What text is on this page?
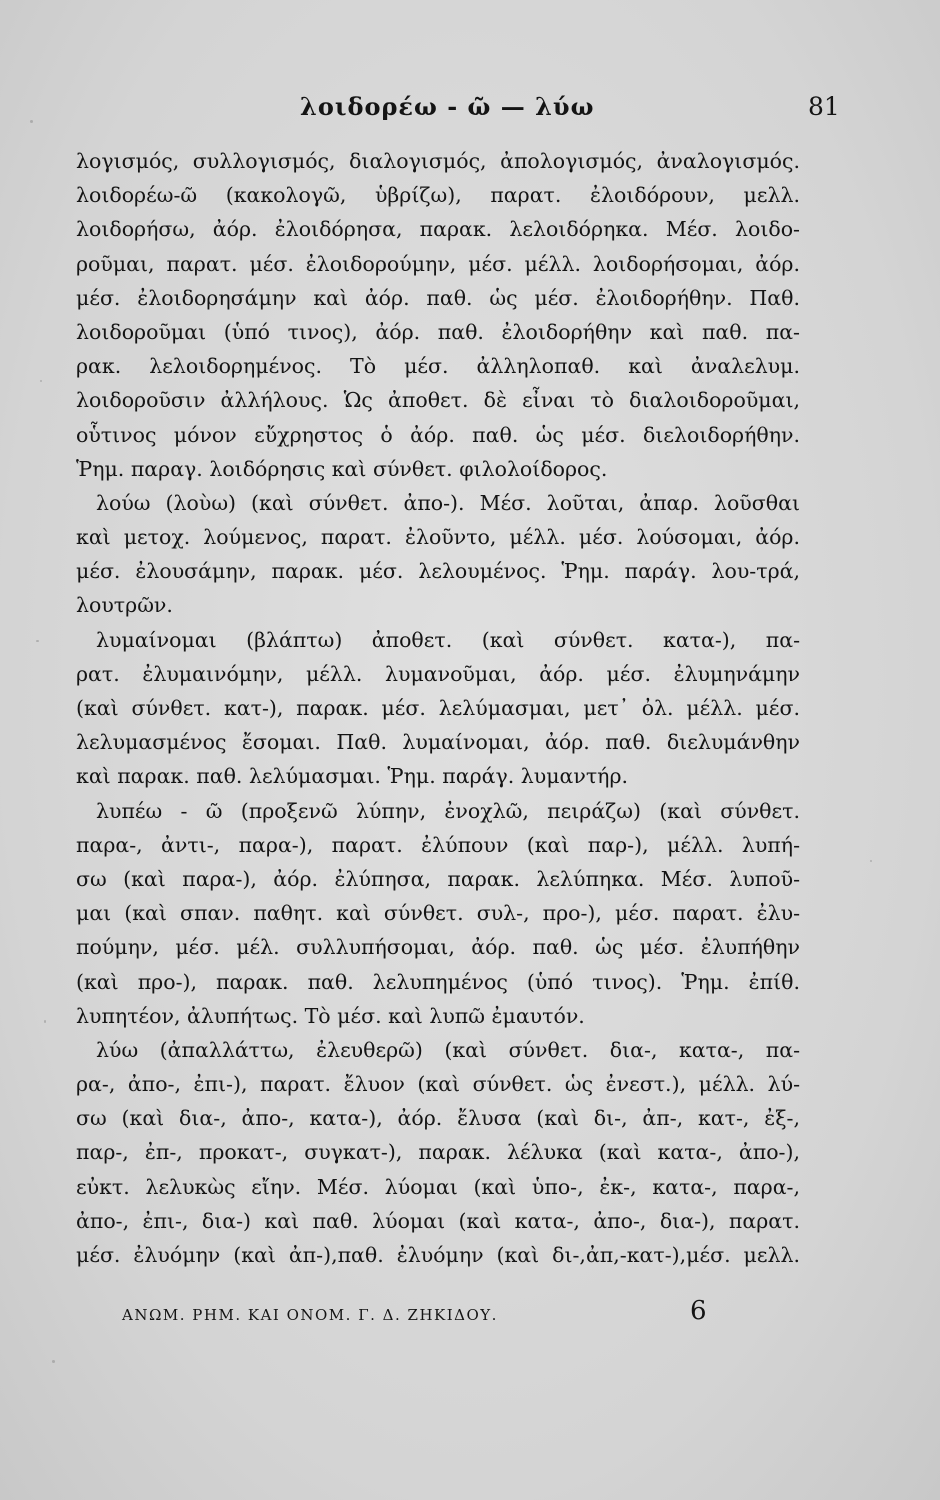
λοιδορέω - ῶ — λύω	81
λογισμός, συλλογισμός, διαλογισμός, ἀπολογισμός, ἀναλογισμός.
λοιδορέω-ῶ (κακολογῶ, ὑβρίζω), παρατ. ἐλοιδόρουν, μελλ.
λοιδορήσω, ἀόρ. ἐλοιδόρησα, παρακ. λελοιδόρηκα. Μέσ. λοιδο-
ροῦμαι, παρατ. μέσ. ἐλοιδορούμην, μέσ. μέλλ. λοιδορήσομαι, ἀόρ.
μέσ. ἐλοιδορησάμην καὶ ἀόρ. παθ. ὡς μέσ. ἐλοιδορήθην. Παθ.
λοιδοροῦμαι (ὑπό τινος), ἀόρ. παθ. ἐλοιδορήθην καὶ παθ. πα-
ρακ. λελοιδορημένος. Τὸ μέσ. ἀλληλοπαθ. καὶ ἀναλελυμ.
λοιδοροῦσιν ἀλλήλους. Ὡς ἀποθετ. δὲ εἶναι τὸ διαλοιδοροῦμαι,
οὗτινος μόνον εὔχρηστος ὁ ἀόρ. παθ. ὡς μέσ. διελοιδορήθην.
Ῥημ. παραγ. λοιδόρησις καὶ σύνθετ. φιλολοίδορος.
λούω (λοὺω) (καὶ σύνθετ. ἀπο-). Μέσ. λοῦται, ἀπαρ. λοῦσθαι
καὶ μετοχ. λούμενος, παρατ. ἐλοῦντο, μέλλ. μέσ. λούσομαι, ἀόρ.
μέσ. ἐλουσάμην, παρακ. μέσ. λελουμένος. Ῥημ. παράγ. λου-τρά,
λουτρῶν.
λυμαίνομαι (βλάπτω) ἀποθετ. (καὶ σύνθετ. κατα-), πα-
ρατ. ἐλυμαινόμην, μέλλ. λυμανοῦμαι, ἀόρ. μέσ. ἐλυμηνάμην
(καὶ σύνθετ. κατ-), παρακ. μέσ. λελύμασμαι, μετ᾽ ὀλ. μέλλ. μέσ.
λελυμασμένος ἔσομαι. Παθ. λυμαίνομαι, ἀόρ. παθ. διελυμάνθην
καὶ παρακ. παθ. λελύμασμαι. Ῥημ. παράγ. λυμαντήρ.
λυπέω - ῶ (προξενῶ λύπην, ἐνοχλῶ, πειράζω) (καὶ σύνθετ.
παρα-, ἀντι-, παρα-), παρατ. ἐλύπουν (καὶ παρ-), μέλλ. λυπή-
σω (καὶ παρα-), ἀόρ. ἐλύπησα, παρακ. λελύπηκα. Μέσ. λυποῦ-
μαι (καὶ σπαν. παθητ. καὶ σύνθετ. συλ-, προ-), μέσ. παρατ. ἐλυ-
πούμην, μέσ. μέλ. συλλυπήσομαι, ἀόρ. παθ. ὡς μέσ. ἐλυπήθην
(καὶ προ-), παρακ. παθ. λελυπημένος (ὑπό τινος). Ῥημ. ἐπίθ.
λυπητέον, ἀλυπήτως. Τὸ μέσ. καὶ λυπῶ ἐμαυτόν.
λύω (ἀπαλλάττω, ἐλευθερῶ) (καὶ σύνθετ. δια-, κατα-, πα-
ρα-, ἀπο-, ἐπι-), παρατ. ἔλυον (καὶ σύνθετ. ὡς ἐνεστ.), μέλλ. λύ-
σω (καὶ δια-, ἀπο-, κατα-), ἀόρ. ἔλυσα (καὶ δι-, ἀπ-, κατ-, ἐξ-,
παρ-, ἐπ-, προκατ-, συγκατ-), παρακ. λέλυκα (καὶ κατα-, ἀπο-),
εὐκτ. λελυκὼς εἴην. Μέσ. λύομαι (καὶ ὑπο-, ἐκ-, κατα-, παρα-,
ἀπο-, ἐπι-, δια-) καὶ παθ. λύομαι (καὶ κατα-, ἀπο-, δια-), παρατ.
μέσ. ἐλυόμην (καὶ ἀπ-),παθ. ἐλυόμην (καὶ δι-,ἀπ,-κατ-),μέσ. μελλ.
ΑΝΩΜ. ΡΗΜ. ΚΑΙ ΟΝΟΜ. Γ. Δ. ΖΗΚΙΔΟΥ.	6
